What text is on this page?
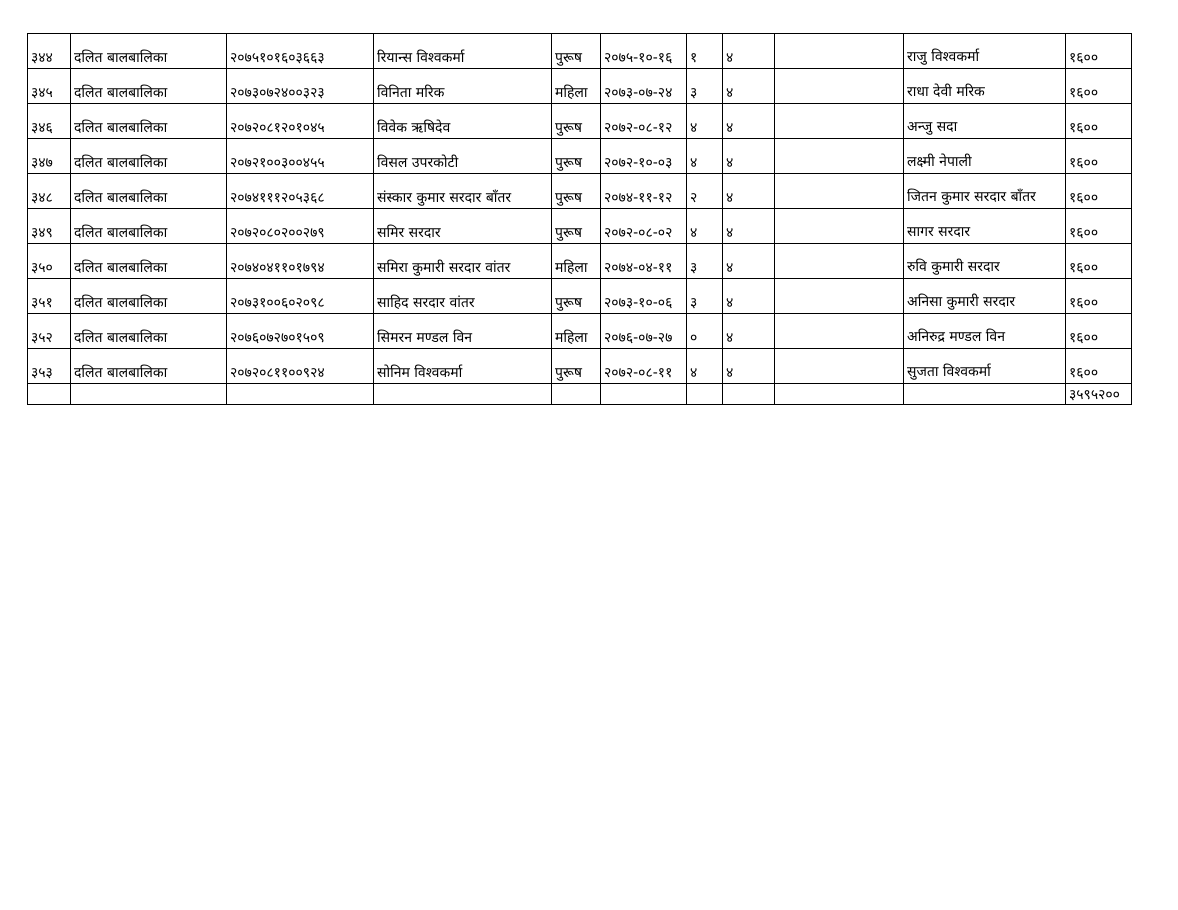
३४४	दलित बालबालिका	२०७५१०१६०३६६३	रियान्स विश्वकर्मा	पुरूष	२०७५-१०-१६	१	४		राजु विश्वकर्मा	१६००
३४५	दलित बालबालिका	२०७३०७२४००३२३	विनिता मरिक	महिला	२०७३-०७-२४	३	४		राधा देवी मरिक	१६००
३४६	दलित बालबालिका	२०७२०८१२०१०४५	विवेक ऋषिदेव	पुरूष	२०७२-०८-१२	४	४		अन्जु सदा	१६००
३४७	दलित बालबालिका	२०७२१००३००४५५	विसल उपरकोटी	पुरूष	२०७२-१०-०३	४	४		लक्ष्मी नेपाली	१६००
३४८	दलित बालबालिका	२०७४१११२०५३६८	संस्कार कुमार सरदार बाँतर	पुरूष	२०७४-११-१२	२	४		जितन कुमार सरदार बाँतर	१६००
३४९	दलित बालबालिका	२०७२०८०२००२७९	समिर सरदार	पुरूष	२०७२-०८-०२	४	४		सागर सरदार	१६००
३५०	दलित बालबालिका	२०७४०४११०१७९४	समिरा कुमारी सरदार वांतर	महिला	२०७४-०४-११	३	४		रुवि कुमारी सरदार	१६००
३५१	दलित बालबालिका	२०७३१००६०२०९८	साहिद सरदार वांतर	पुरूष	२०७३-१०-०६	३	४		अनिसा कुमारी सरदार	१६००
३५२	दलित बालबालिका	२०७६०७२७०१५०९	सिमरन मण्डल विन	महिला	२०७६-०७-२७	०	४		अनिरुद्र मण्डल विन	१६००
३५३	दलित बालबालिका	२०७२०८११००९२४	सोनिम विश्वकर्मा	पुरूष	२०७२-०८-११	४	४		सुजता विश्वकर्मा	१६००
										३५९५२००
